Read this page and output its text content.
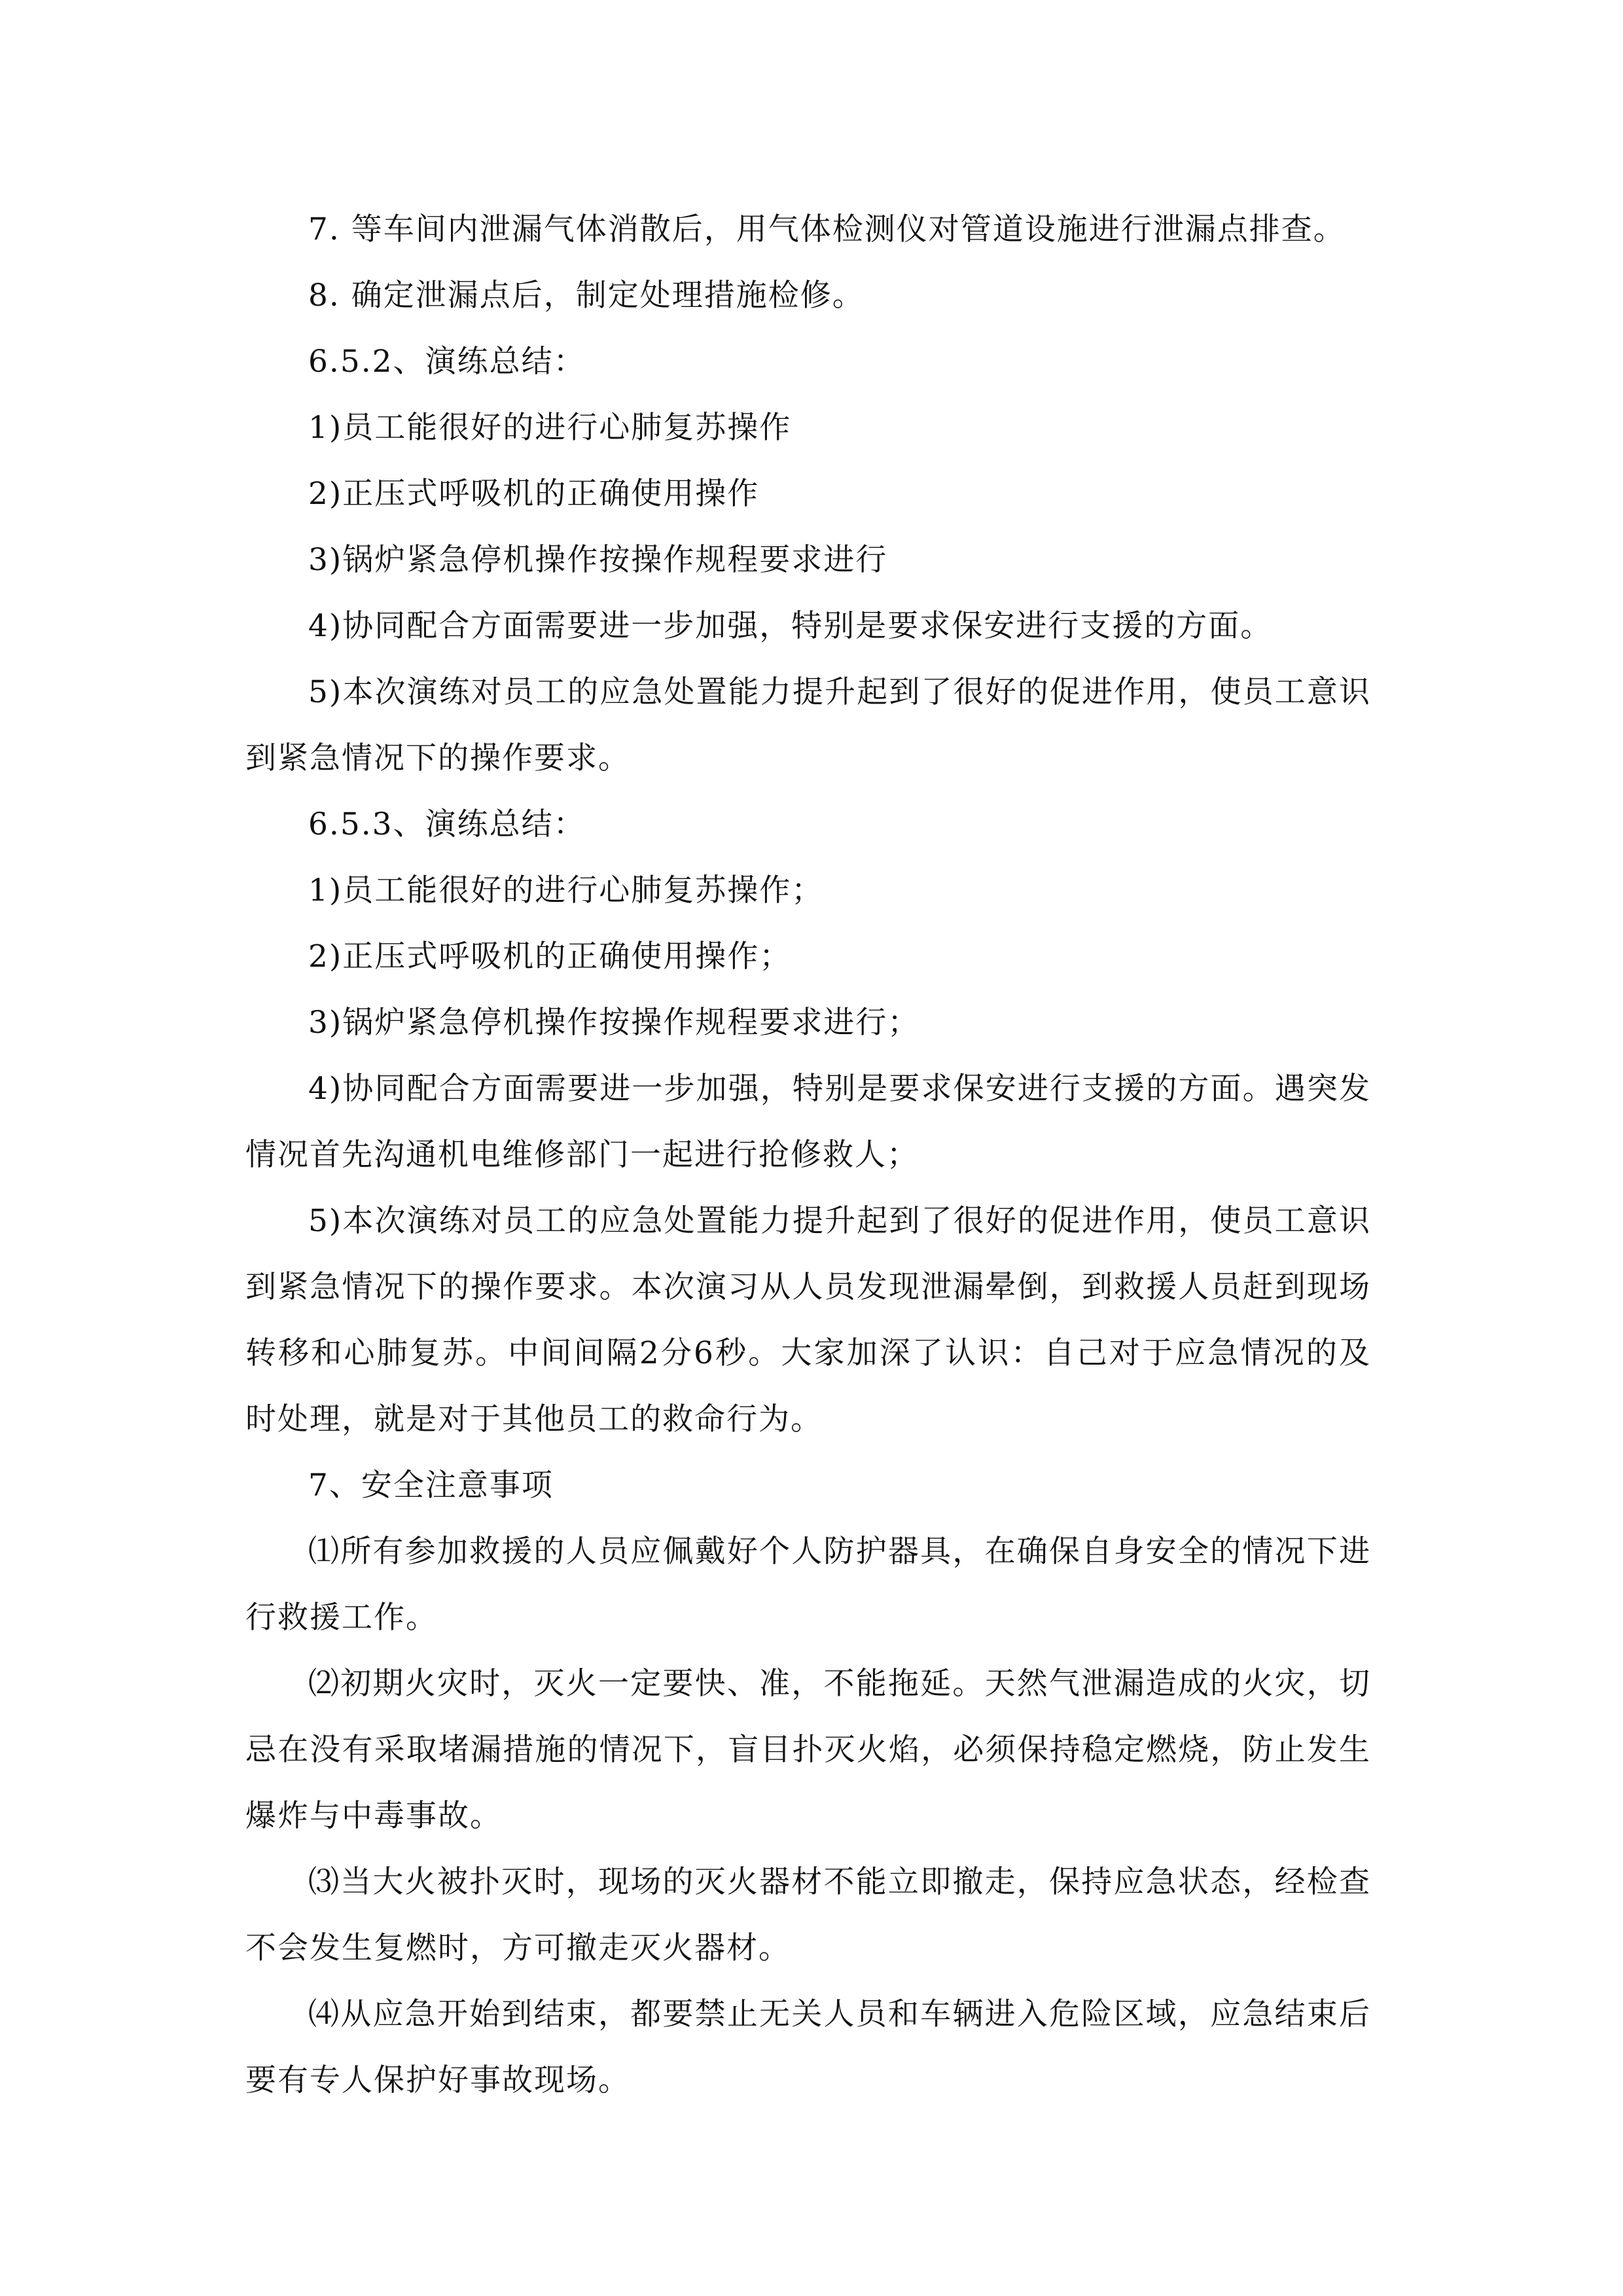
7. 等车间内泄漏气体消散后，用气体检测仪对管道设施进行泄漏点排查。

8. 确定泄漏点后，制定处理措施检修。

6.5.2、演练总结：

1)员工能很好的进行心肺复苏操作

2)正压式呼吸机的正确使用操作

3)锅炉紧急停机操作按操作规程要求进行

4)协同配合方面需要进一步加强，特别是要求保安进行支援的方面。

5)本次演练对员工的应急处置能力提升起到了很好的促进作用，使员工意识到紧急情况下的操作要求。

6.5.3、演练总结：

1)员工能很好的进行心肺复苏操作；

2)正压式呼吸机的正确使用操作；

3)锅炉紧急停机操作按操作规程要求进行；

4)协同配合方面需要进一步加强，特别是要求保安进行支援的方面。遇突发情况首先沟通机电维修部门一起进行抢修救人；

5)本次演练对员工的应急处置能力提升起到了很好的促进作用，使员工意识到紧急情况下的操作要求。本次演习从人员发现泄漏晕倒，到救援人员赶到现场转移和心肺复苏。中间间隔2分6秒。大家加深了认识：自己对于应急情况的及时处理，就是对于其他员工的救命行为。

7、安全注意事项

⑴所有参加救援的人员应佩戴好个人防护器具，在确保自身安全的情况下进行救援工作。

⑵初期火灾时，灭火一定要快、准，不能拖延。天然气泄漏造成的火灾，切忌在没有采取堵漏措施的情况下，盲目扑灭火焰，必须保持稳定燃烧，防止发生爆炸与中毒事故。

⑶当大火被扑灭时，现场的灭火器材不能立即撤走，保持应急状态，经检查不会发生复燃时，方可撤走灭火器材。

⑷从应急开始到结束，都要禁止无关人员和车辆进入危险区域，应急结束后要有专人保护好事故现场。
